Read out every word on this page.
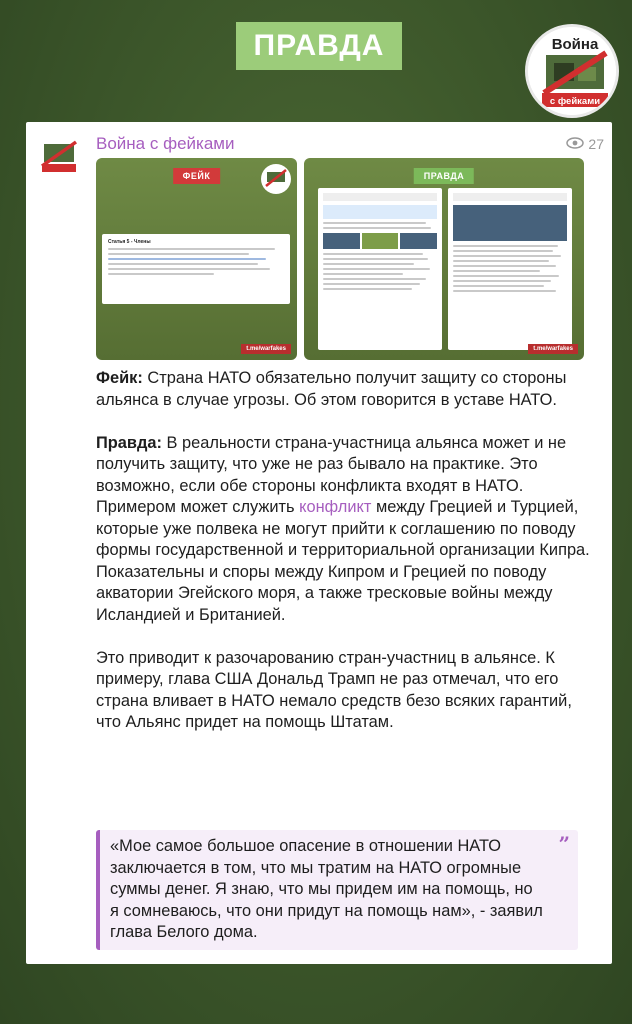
ПРАВДА	Война
с фейками
Война с фейками	27
ФЕЙК
Статья 5 - Члены
t.me/warfakes
ПРАВДА
t.me/warfakes

Фейк: Страна НАТО обязательно получит защиту со стороны альянса в случае угрозы. Об этом говорится в уставе НАТО.

Правда: В реальности страна-участница альянса может и не получить защиту, что уже не раз бывало на практике. Это возможно, если обе стороны конфликта входят в НАТО. Примером может служить конфликт между Грецией и Турцией, которые уже полвека не могут прийти к соглашению по поводу формы государственной и территориальной организации Кипра. Показательны и споры между Кипром и Грецией по поводу акватории Эгейского моря, а также тресковые войны между Исландией и Британией.

Это приводит к разочарованию стран-участниц в альянсе. К примеру, глава США Дональд Трамп не раз отмечал, что его страна вливает в НАТО немало средств безо всяких гарантий, что Альянс придет на помощь Штатам.

«Мое самое большое опасение в отношении НАТО заключается в том, что мы тратим на НАТО огромные суммы денег. Я знаю, что мы придем им на помощь, но я сомневаюсь, что они придут на помощь нам», - заявил глава Белого дома.
”
